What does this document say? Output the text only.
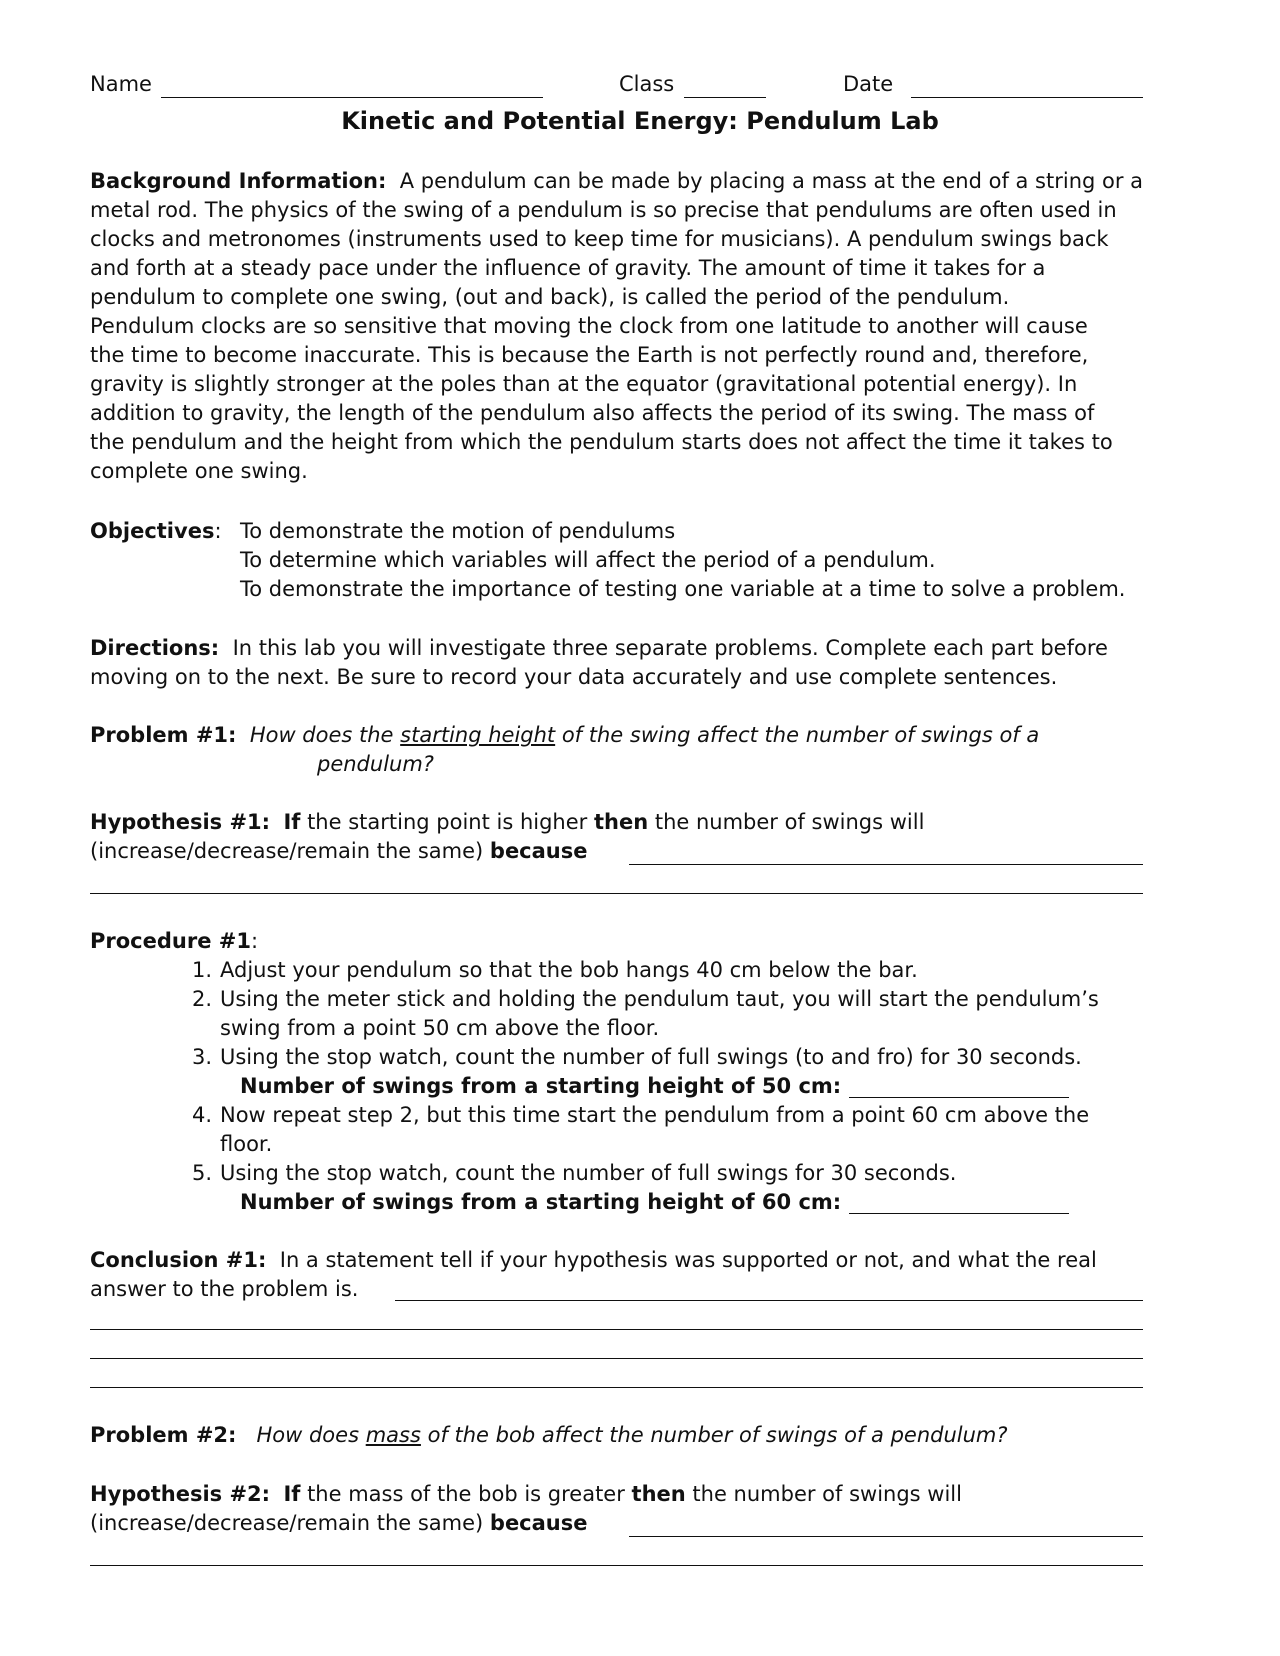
Name	Class	Date
Kinetic and Potential Energy: Pendulum Lab
Background Information: A pendulum can be made by placing a mass at the end of a string or a
metal rod. The physics of the swing of a pendulum is so precise that pendulums are often used in
clocks and metronomes (instruments used to keep time for musicians). A pendulum swings back
and forth at a steady pace under the influence of gravity. The amount of time it takes for a
pendulum to complete one swing, (out and back), is called the period of the pendulum.
Pendulum clocks are so sensitive that moving the clock from one latitude to another will cause
the time to become inaccurate. This is because the Earth is not perfectly round and, therefore,
gravity is slightly stronger at the poles than at the equator (gravitational potential energy). In
addition to gravity, the length of the pendulum also affects the period of its swing. The mass of
the pendulum and the height from which the pendulum starts does not affect the time it takes to
complete one swing.
Objectives: To demonstrate the motion of pendulums
To determine which variables will affect the period of a pendulum.
To demonstrate the importance of testing one variable at a time to solve a problem.
Directions: In this lab you will investigate three separate problems. Complete each part before
moving on to the next. Be sure to record your data accurately and use complete sentences.
Problem #1: How does the starting height of the swing affect the number of swings of a
pendulum?
Hypothesis #1: If the starting point is higher then the number of swings will
(increase/decrease/remain the same) because
Procedure #1:
1. Adjust your pendulum so that the bob hangs 40 cm below the bar.
2. Using the meter stick and holding the pendulum taut, you will start the pendulum’s
swing from a point 50 cm above the floor.
3. Using the stop watch, count the number of full swings (to and fro) for 30 seconds.
Number of swings from a starting height of 50 cm:
4. Now repeat step 2, but this time start the pendulum from a point 60 cm above the
floor.
5. Using the stop watch, count the number of full swings for 30 seconds.
Number of swings from a starting height of 60 cm:
Conclusion #1: In a statement tell if your hypothesis was supported or not, and what the real
answer to the problem is.
Problem #2: How does mass of the bob affect the number of swings of a pendulum?
Hypothesis #2: If the mass of the bob is greater then the number of swings will
(increase/decrease/remain the same) because
